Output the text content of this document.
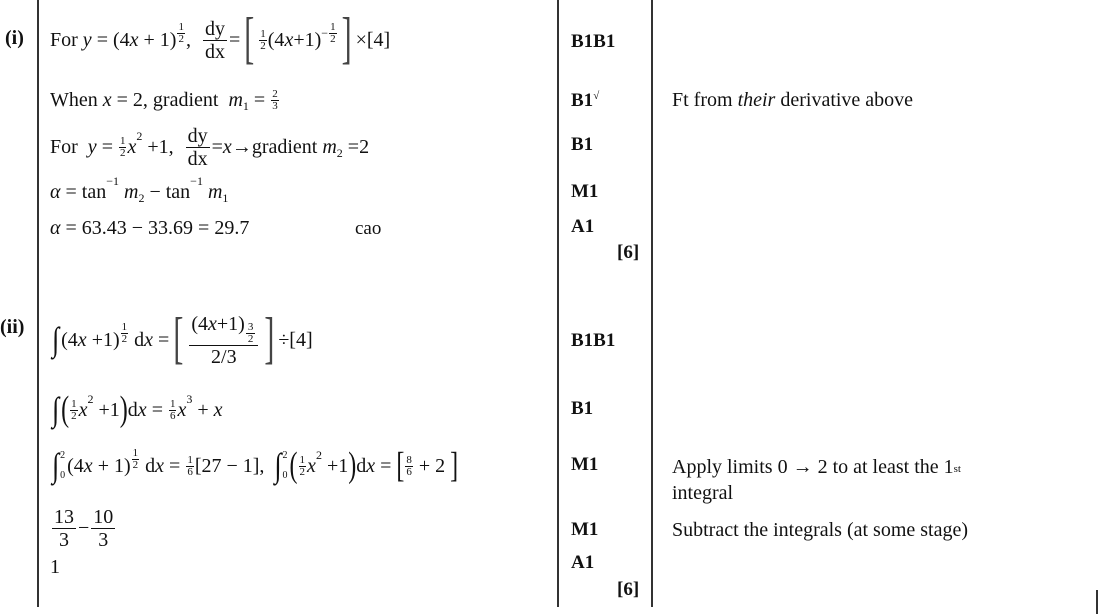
(i) For y = (4 $x + 1) \frac{1}{2}$ , $\frac{dy}{dx}$ = [ $\frac{1}{2} (4$ $x +1) - \frac{1}{2}$ ] ×[4]
When x = 2, gradient m $1 = \frac{2}{3}$
For $y = \frac{1}{2}$ x 2 +1, $\frac{dy}{dx} = x$ →gradient m 2 =2
α = tan −1
m 2 − tan −1
m 1
α = 63.43 − 33.69 = 29.7	cao
B1B1
B1√
B1
M1
A1
[6]
Ft from their derivative above
(ii) ∫ (4 $x +1) \frac{1}{2}$ d x = [ $\frac{(4x+1) \frac{3}{2}}{2/3}$ ] ÷[4]
∫ ( $\frac{1}{2}$ x 2 +1 ) d $x = \frac{1}{6}$ x 3 + x
∫ 2
0 (4 $x + 1) \frac{1}{2}$ d $x = \frac{1}{6} [27 - 1]$, ∫ 2
0 ( $\frac{1}{2}$ x 2 +1 ) d x = [ $\frac{8}{6} + 2$ ]
$\frac{13}{3} - \frac{10}{3}$
1
B1B1
B1
M1
M1
A1
[6]
Apply limits 0 → 2 to at least the 1st
integral
Subtract the integrals (at some stage)
